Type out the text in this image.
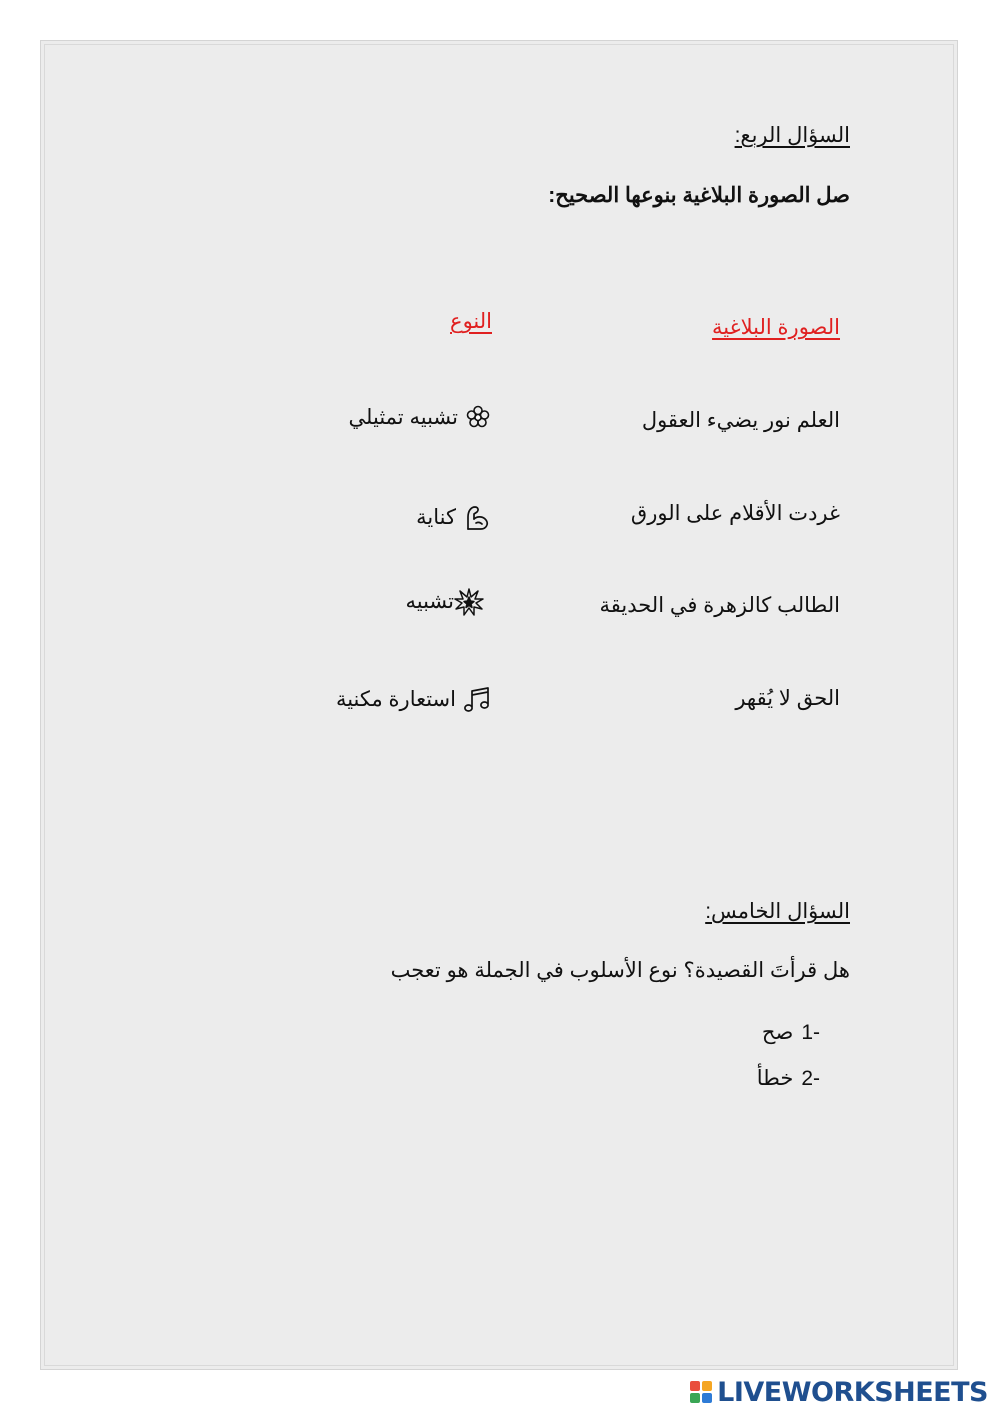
السؤال الربع:
صل الصورة البلاغية بنوعها الصحيح:
الصورة البلاغية
النوع
العلم نور يضيء العقول
تشبيه تمثيلي
غردت الأقلام على الورق
كناية
الطالب كالزهرة في الحديقة
تشبيه
الحق لا يُقهر
استعارة مكنية
السؤال الخامس:
هل قرأتَ القصيدة؟ نوع الأسلوب في الجملة هو تعجب
1-
صح
2-
خطأ
LIVEWORKSHEETS
